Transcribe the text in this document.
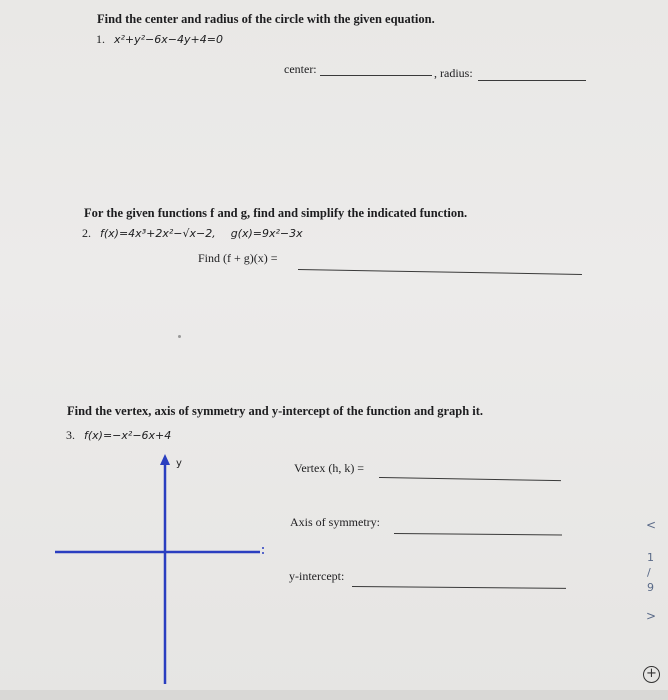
Find the center and radius of the circle with the given equation.
1. x²+y²−6x−4y+4=0
center:	, radius:
For the given functions f and g, find and simplify the indicated function.
2. f(x)=4x³+2x²−√x−2, g(x)=9x²−3x
Find (f + g)(x) =
Find the vertex, axis of symmetry and y-intercept of the function and graph it.
3. f(x)=−x²−6x+4
y	Vertex (h, k) =
Axis of symmetry:
y-intercept:
<
1
/
9
>
+
